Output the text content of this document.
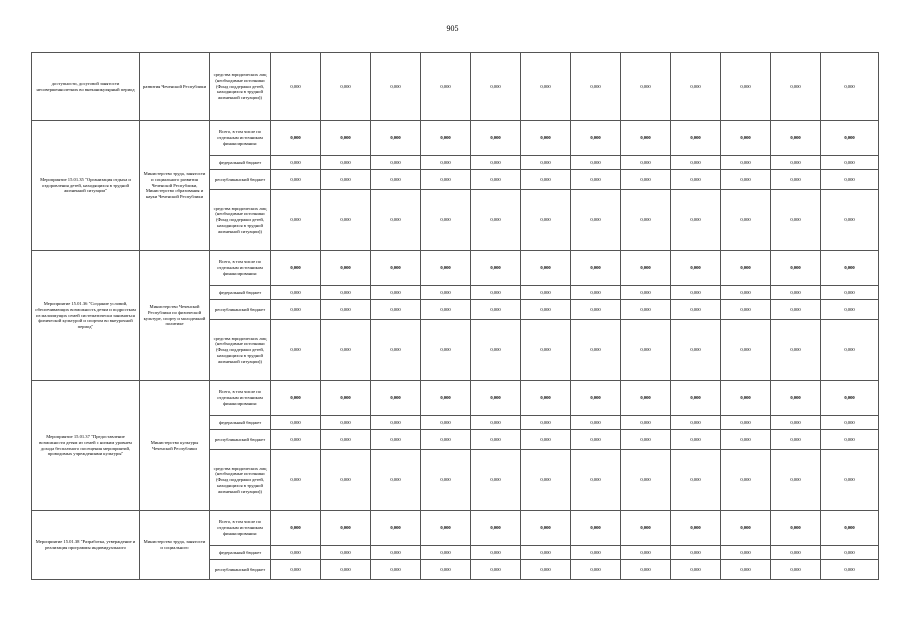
905
доступности, досуговой занятости несовершеннолетних во внеканикулярный период	развития Чеченской Республики	средства юридических лиц (необходимые источники (Фонд поддержки детей, находящихся в трудной жизненной ситуации))	0,000	0,000	0,000	0,000	0,000	0,000	0,000	0,000	0,000	0,000	0,000	0,000
Мероприятие 15.01.35 "Организация отдыха и оздоровления детей, находящихся в трудной жизненной ситуации"	Министерство труда, занятости и социального развития Чеченской Республики, Министерство образования и науки Чеченской Республики	Всего, в том числе по отдельным источникам финансирования:	0,000	0,000	0,000	0,000	0,000	0,000	0,000	0,000	0,000	0,000	0,000	0,000
		федеральный бюджет	0,000	0,000	0,000	0,000	0,000	0,000	0,000	0,000	0,000	0,000	0,000	0,000
		республиканский бюджет	0,000	0,000	0,000	0,000	0,000	0,000	0,000	0,000	0,000	0,000	0,000	0,000
		средства юридических лиц (необходимые источники (Фонд поддержки детей, находящихся в трудной жизненной ситуации))	0,000	0,000	0,000	0,000	0,000	0,000	0,000	0,000	0,000	0,000	0,000	0,000
Мероприятие 15.01.36 "Создание условий, обеспечивающих возможность детям и подросткам из малоимущих семей систематически заниматься физической культурой и спортом во внеурочной период"	Министерство Чеченской Республики по физической культуре, спорту и молодежной политике	Всего, в том числе по отдельным источникам финансирования:	0,000	0,000	0,000	0,000	0,000	0,000	0,000	0,000	0,000	0,000	0,000	0,000
		федеральный бюджет	0,000	0,000	0,000	0,000	0,000	0,000	0,000	0,000	0,000	0,000	0,000	0,000
		республиканский бюджет	0,000	0,000	0,000	0,000	0,000	0,000	0,000	0,000	0,000	0,000	0,000	0,000
		средства юридических лиц (необходимые источники (Фонд поддержки детей, находящихся в трудной жизненной ситуации))	0,000	0,000	0,000	0,000	0,000	0,000	0,000	0,000	0,000	0,000	0,000	0,000
Мероприятие 15.01.37 "Предоставление возможности детям из семей с низким уровнем дохода бесплатного посещения мероприятий, проводимых учреждениями культуры"	Министерство культуры Чеченской Республики	Всего, в том числе по отдельным источникам финансирования:	0,000	0,000	0,000	0,000	0,000	0,000	0,000	0,000	0,000	0,000	0,000	0,000
		федеральный бюджет	0,000	0,000	0,000	0,000	0,000	0,000	0,000	0,000	0,000	0,000	0,000	0,000
		республиканский бюджет	0,000	0,000	0,000	0,000	0,000	0,000	0,000	0,000	0,000	0,000	0,000	0,000
		средства юридических лиц (необходимые источники (Фонд поддержки детей, находящихся в трудной жизненной ситуации))	0,000	0,000	0,000	0,000	0,000	0,000	0,000	0,000	0,000	0,000	0,000	0,000
Мероприятие 15.01.38 "Разработка, утверждение и реализация программы индивидуального	Министерство труда, занятости и социального	Всего, в том числе по отдельным источникам финансирования:	0,000	0,000	0,000	0,000	0,000	0,000	0,000	0,000	0,000	0,000	0,000	0,000
		федеральный бюджет	0,000	0,000	0,000	0,000	0,000	0,000	0,000	0,000	0,000	0,000	0,000	0,000
		республиканский бюджет	0,000	0,000	0,000	0,000	0,000	0,000	0,000	0,000	0,000	0,000	0,000	0,000
